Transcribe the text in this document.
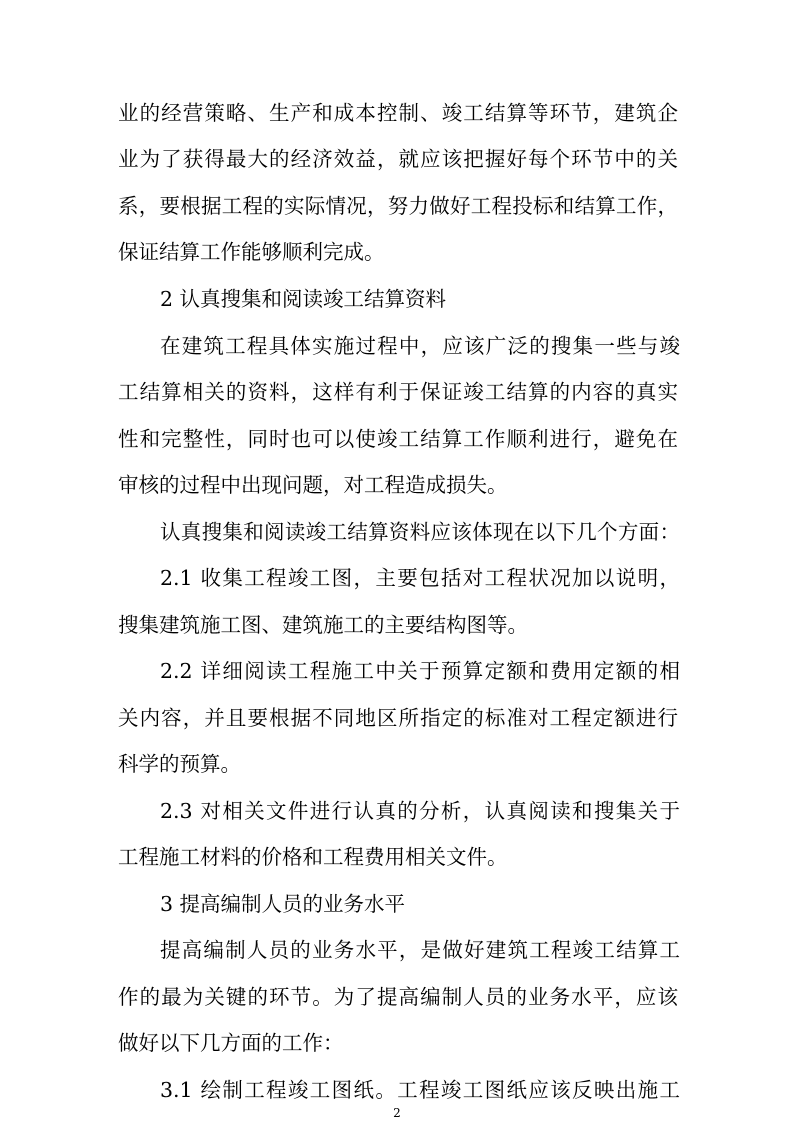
业的经营策略、生产和成本控制、竣工结算等环节，建筑企
业为了获得最大的经济效益，就应该把握好每个环节中的关
系，要根据工程的实际情况，努力做好工程投标和结算工作，
保证结算工作能够顺利完成。
2 认真搜集和阅读竣工结算资料
在建筑工程具体实施过程中，应该广泛的搜集一些与竣
工结算相关的资料，这样有利于保证竣工结算的内容的真实
性和完整性，同时也可以使竣工结算工作顺利进行，避免在
审核的过程中出现问题，对工程造成损失。
认真搜集和阅读竣工结算资料应该体现在以下几个方面：
2.1 收集工程竣工图，主要包括对工程状况加以说明，
搜集建筑施工图、建筑施工的主要结构图等。
2.2 详细阅读工程施工中关于预算定额和费用定额的相
关内容，并且要根据不同地区所指定的标准对工程定额进行
科学的预算。
2.3 对相关文件进行认真的分析，认真阅读和搜集关于
工程施工材料的价格和工程费用相关文件。
3 提高编制人员的业务水平
提高编制人员的业务水平，是做好建筑工程竣工结算工
作的最为关键的环节。为了提高编制人员的业务水平，应该
2
做好以下几方面的工作：
3.1 绘制工程竣工图纸。工程竣工图纸应该反映出施工
